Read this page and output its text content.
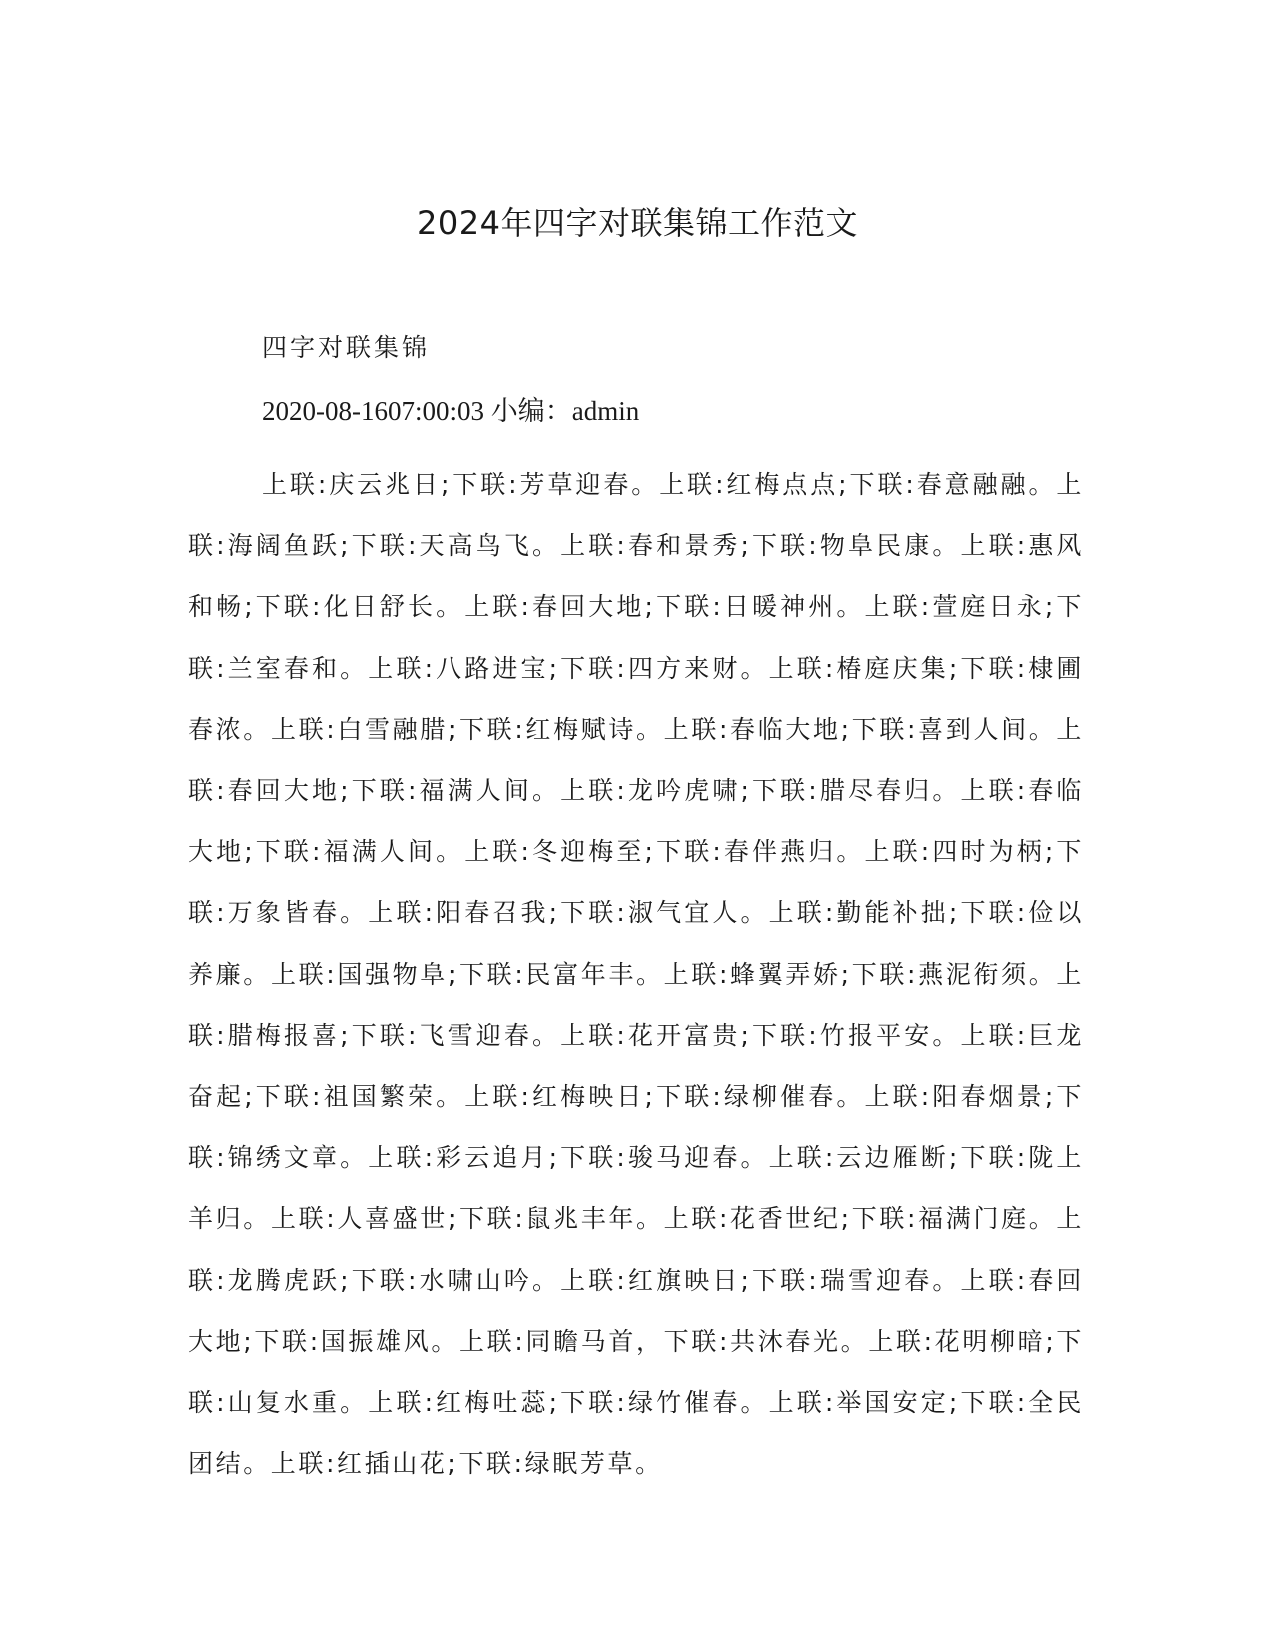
2024年四字对联集锦工作范文
四字对联集锦
2020-08-1607:00:03 小编：admin

上联:庆云兆日;下联:芳草迎春。上联:红梅点点;下联:春意融融。上联:海阔鱼跃;下联:天高鸟飞。上联:春和景秀;下联:物阜民康。上联:惠风和畅;下联:化日舒长。上联:春回大地;下联:日暖神州。上联:萱庭日永;下联:兰室春和。上联:八路进宝;下联:四方来财。上联:椿庭庆集;下联:棣圃春浓。上联:白雪融腊;下联:红梅赋诗。上联:春临大地;下联:喜到人间。上联:春回大地;下联:福满人间。上联:龙吟虎啸;下联:腊尽春归。上联:春临大地;下联:福满人间。上联:冬迎梅至;下联:春伴燕归。上联:四时为柄;下联:万象皆春。上联:阳春召我;下联:淑气宜人。上联:勤能补拙;下联:俭以养廉。上联:国强物阜;下联:民富年丰。上联:蜂翼弄娇;下联:燕泥衔须。上联:腊梅报喜;下联:飞雪迎春。上联:花开富贵;下联:竹报平安。上联:巨龙奋起;下联:祖国繁荣。上联:红梅映日;下联:绿柳催春。上联:阳春烟景;下联:锦绣文章。上联:彩云追月;下联:骏马迎春。上联:云边雁断;下联:陇上羊归。上联:人喜盛世;下联:鼠兆丰年。上联:花香世纪;下联:福满门庭。上联:龙腾虎跃;下联:水啸山吟。上联:红旗映日;下联:瑞雪迎春。上联:春回大地;下联:国振雄风。上联:同瞻马首，下联:共沐春光。上联:花明柳暗;下联:山复水重。上联:红梅吐蕊;下联:绿竹催春。上联:举国安定;下联:全民团结。上联:红插山花;下联:绿眠芳草。
